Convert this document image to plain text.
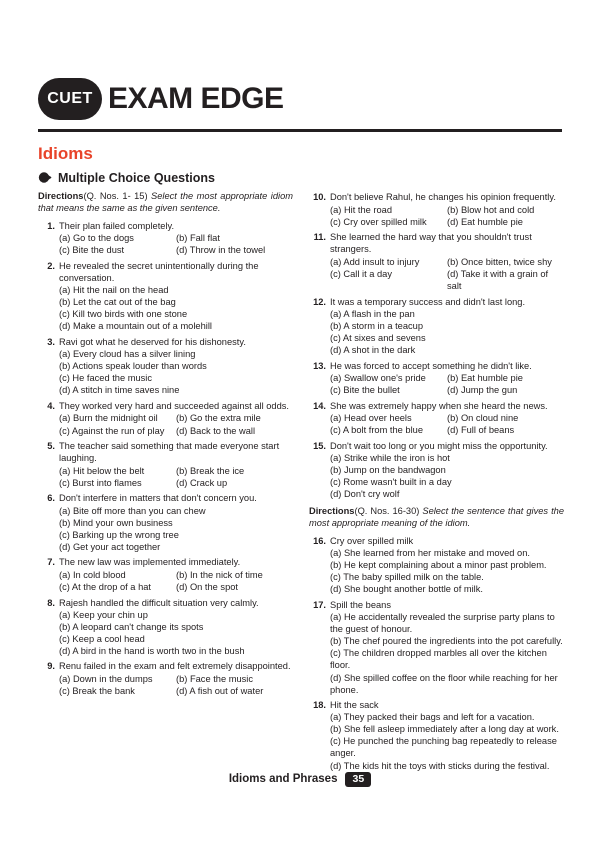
CUET EXAM EDGE
Idioms
Multiple Choice Questions
Directions(Q. Nos. 1- 15) Select the most appropriate idiom that means the same as the given sentence.
1. Their plan failed completely.
(a) Go to the dogs	(b) Fall flat
(c) Bite the dust	(d) Throw in the towel
2. He revealed the secret unintentionally during the conversation.
(a) Hit the nail on the head
(b) Let the cat out of the bag
(c) Kill two birds with one stone
(d) Make a mountain out of a molehill
3. Ravi got what he deserved for his dishonesty.
(a) Every cloud has a silver lining
(b) Actions speak louder than words
(c) He faced the music
(d) A stitch in time saves nine
4. They worked very hard and succeeded against all odds.
(a) Burn the midnight oil	(b) Go the extra mile
(c) Against the run of play	(d) Back to the wall
5. The teacher said something that made everyone start laughing.
(a) Hit below the belt	(b) Break the ice
(c) Burst into flames	(d) Crack up
6. Don't interfere in matters that don't concern you.
(a) Bite off more than you can chew
(b) Mind your own business
(c) Barking up the wrong tree
(d) Get your act together
7. The new law was implemented immediately.
(a) In cold blood	(b) In the nick of time
(c) At the drop of a hat	(d) On the spot
8. Rajesh handled the difficult situation very calmly.
(a) Keep your chin up
(b) A leopard can't change its spots
(c) Keep a cool head
(d) A bird in the hand is worth two in the bush
9. Renu failed in the exam and felt extremely disappointed.
(a) Down in the dumps	(b) Face the music
(c) Break the bank	(d) A fish out of water
10. Don't believe Rahul, he changes his opinion frequently.
(a) Hit the road	(b) Blow hot and cold
(c) Cry over spilled milk	(d) Eat humble pie
11. She learned the hard way that you shouldn't trust strangers.
(a) Add insult to injury	(b) Once bitten, twice shy
(c) Call it a day	(d) Take it with a grain of salt
12. It was a temporary success and didn't last long.
(a) A flash in the pan
(b) A storm in a teacup
(c) At sixes and sevens
(d) A shot in the dark
13. He was forced to accept something he didn't like.
(a) Swallow one's pride	(b) Eat humble pie
(c) Bite the bullet	(d) Jump the gun
14. She was extremely happy when she heard the news.
(a) Head over heels	(b) On cloud nine
(c) A bolt from the blue	(d) Full of beans
15. Don't wait too long or you might miss the opportunity.
(a) Strike while the iron is hot
(b) Jump on the bandwagon
(c) Rome wasn't built in a day
(d) Don't cry wolf
Directions(Q. Nos. 16-30) Select the sentence that gives the most appropriate meaning of the idiom.
16. Cry over spilled milk
(a) She learned from her mistake and moved on.
(b) He kept complaining about a minor past problem.
(c) The baby spilled milk on the table.
(d) She bought another bottle of milk.
17. Spill the beans
(a) He accidentally revealed the surprise party plans to the guest of honour.
(b) The chef poured the ingredients into the pot carefully.
(c) The children dropped marbles all over the kitchen floor.
(d) She spilled coffee on the floor while reaching for her phone.
18. Hit the sack
(a) They packed their bags and left for a vacation.
(b) She fell asleep immediately after a long day at work.
(c) He punched the punching bag repeatedly to release anger.
(d) The kids hit the toys with sticks during the festival.
Idioms and Phrases	35
